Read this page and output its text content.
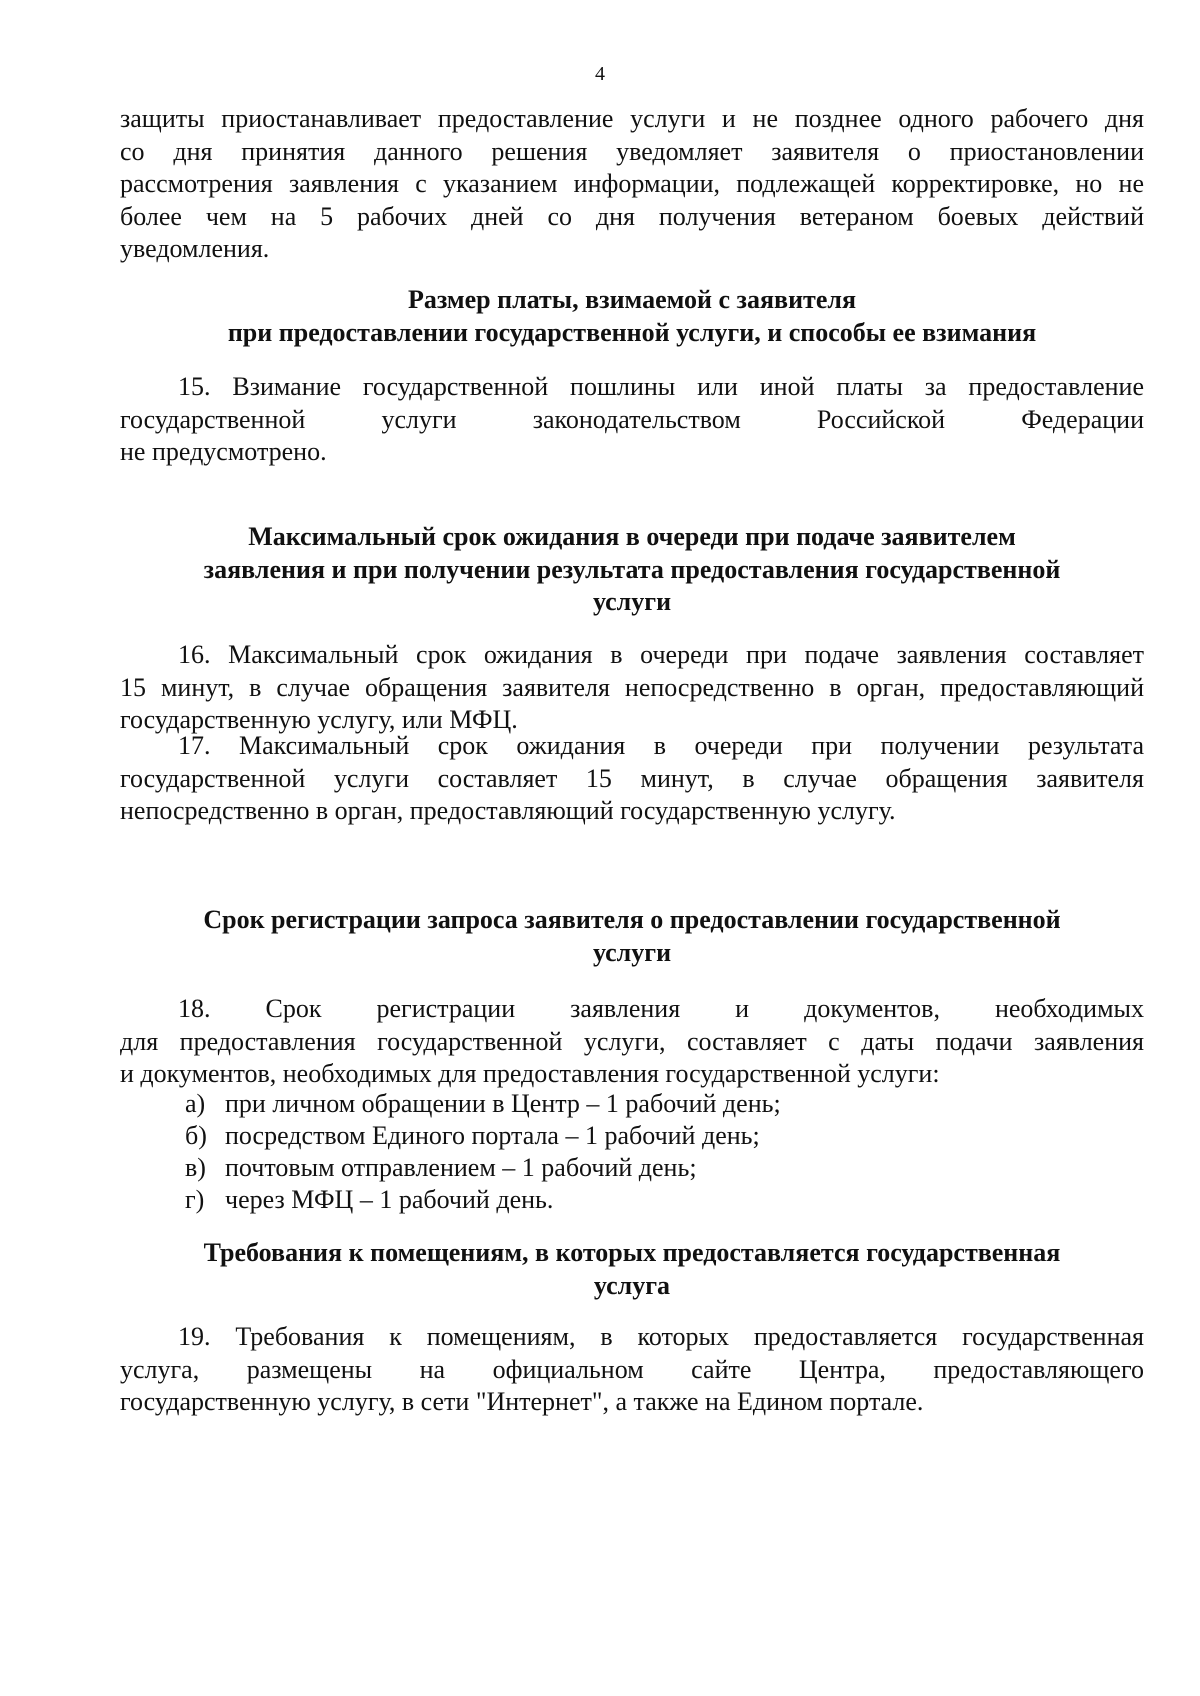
4
защиты приостанавливает предоставление услуги и не позднее одного рабочего дня
со дня принятия данного решения уведомляет заявителя о приостановлении
рассмотрения заявления с указанием информации, подлежащей корректировке, но не
более чем на 5 рабочих дней со дня получения ветераном боевых действий
уведомления.
Размер платы, взимаемой с заявителя
при предоставлении государственной услуги, и способы ее взимания
15. Взимание государственной пошлины или иной платы за предоставление
государственной услуги законодательством Российской Федерации
не предусмотрено.
Максимальный срок ожидания в очереди при подаче заявителем
заявления и при получении результата предоставления государственной
услуги
16. Максимальный срок ожидания в очереди при подаче заявления составляет
15 минут, в случае обращения заявителя непосредственно в орган, предоставляющий
государственную услугу, или МФЦ.
17. Максимальный срок ожидания в очереди при получении результата
государственной услуги составляет 15 минут, в случае обращения заявителя
непосредственно в орган, предоставляющий государственную услугу.
Срок регистрации запроса заявителя о предоставлении государственной
услуги
18. Срок регистрации заявления и документов, необходимых
для предоставления государственной услуги, составляет с даты подачи заявления
и документов, необходимых для предоставления государственной услуги:
а) при личном обращении в Центр – 1 рабочий день;
б) посредством Единого портала – 1 рабочий день;
в) почтовым отправлением – 1 рабочий день;
г) через МФЦ – 1 рабочий день.
Требования к помещениям, в которых предоставляется государственная
услуга
19. Требования к помещениям, в которых предоставляется государственная
услуга, размещены на официальном сайте Центра, предоставляющего
государственную услугу, в сети "Интернет", а также на Едином портале.
